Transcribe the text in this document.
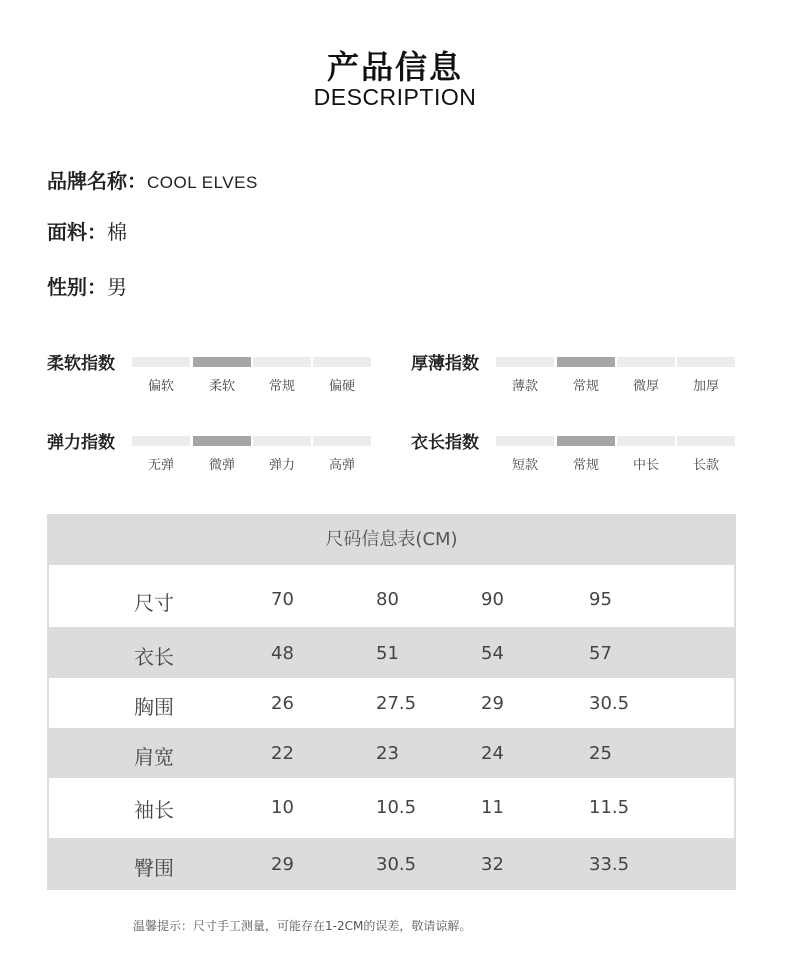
产品信息
DESCRIPTION
品牌名称：COOL ELVES
面料：棉
性别：男
柔软指数
偏软	柔软	常规	偏硬
厚薄指数
薄款	常规	微厚	加厚
弹力指数
无弹	微弹	弹力	高弹
衣长指数
短款	常规	中长	长款
尺码信息表(CM)
尺寸	70	80	90	95
衣长	48	51	54	57
胸围	26	27.5	29	30.5
肩宽	22	23	24	25
袖长	10	10.5	11	11.5
臀围	29	30.5	32	33.5
温馨提示：尺寸手工测量，可能存在1-2CM的误差，敬请谅解。
